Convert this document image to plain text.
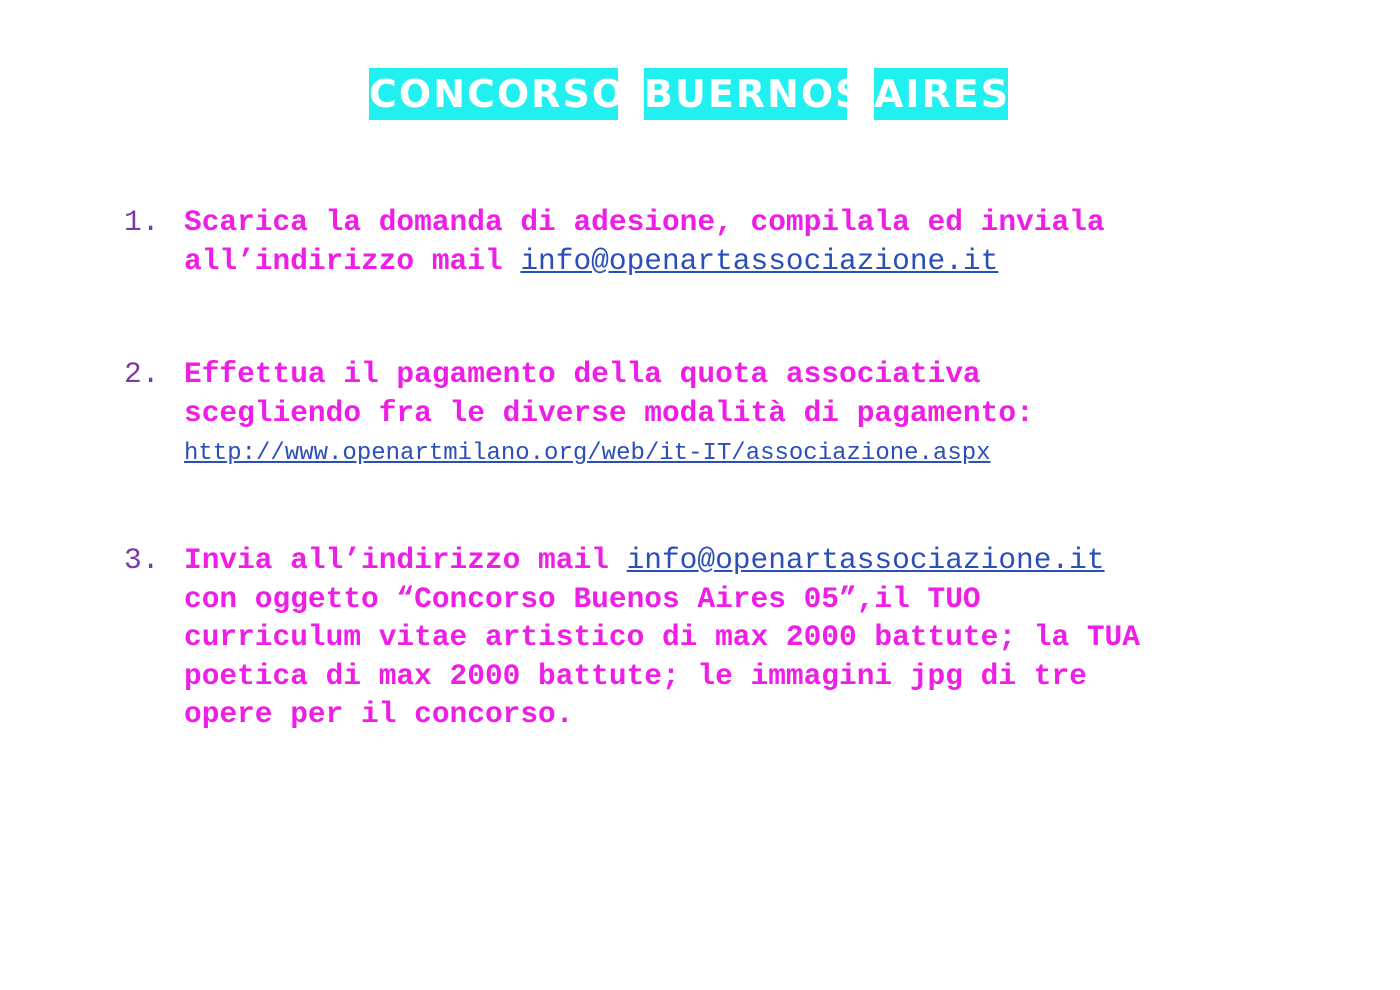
CONCORSO BUERNOS AIRES
1. Scarica la domanda di adesione, compilala ed inviala
all’indirizzo mail info@openartassociazione.it
2. Effettua il pagamento della quota associativa
scegliendo fra le diverse modalità di pagamento:
http://www.openartmilano.org/web/it-IT/associazione.aspx
3. Invia all’indirizzo mail info@openartassociazione.it
con oggetto “Concorso Buenos Aires 05”,il TUO
curriculum vitae artistico di max 2000 battute; la TUA
poetica di max 2000 battute; le immagini jpg di tre
opere per il concorso.
